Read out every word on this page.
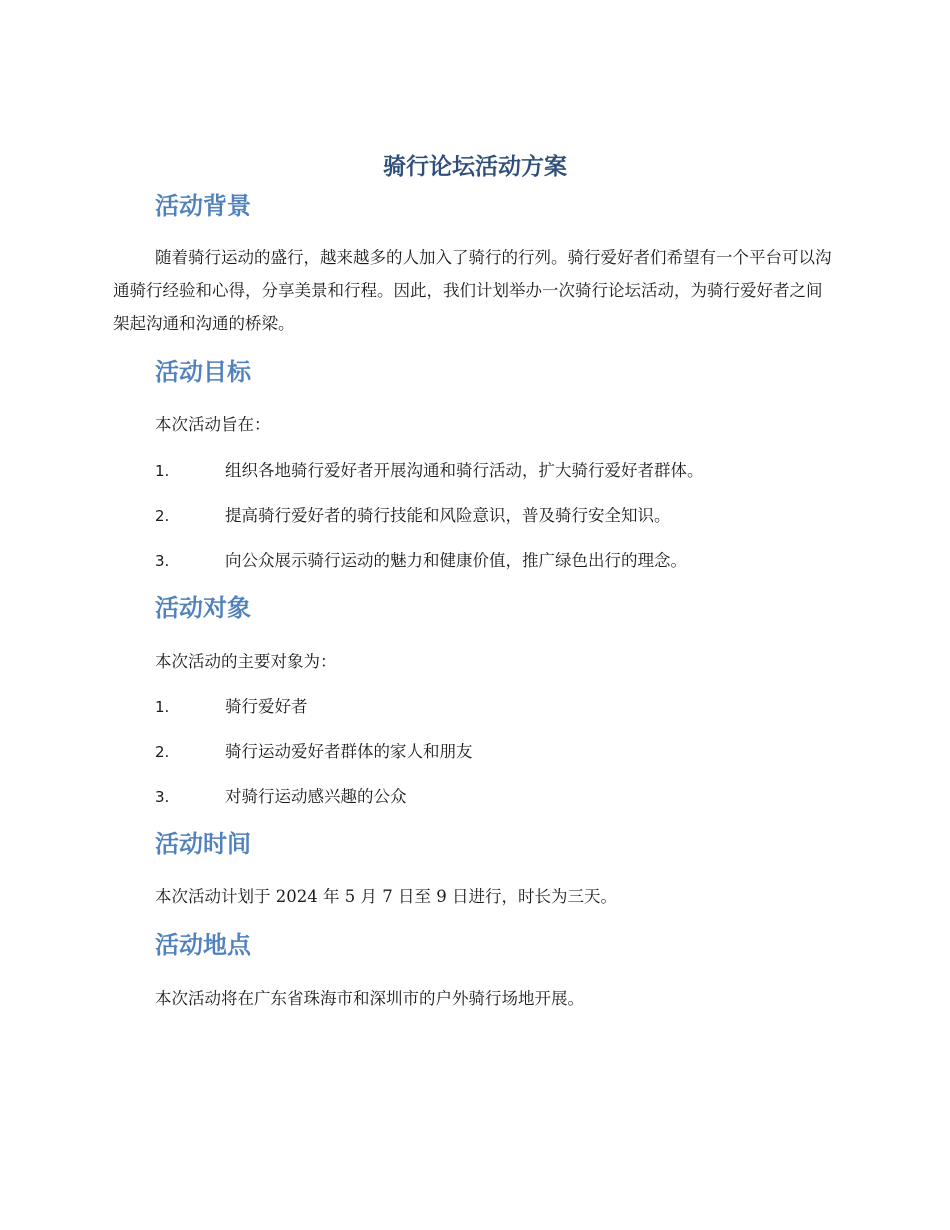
骑行论坛活动方案
活动背景

随着骑行运动的盛行，越来越多的人加入了骑行的行列。骑行爱好者们希望有一个平台可以沟通骑行经验和心得，分享美景和行程。因此，我们计划举办一次骑行论坛活动，为骑行爱好者之间架起沟通和沟通的桥梁。

活动目标

本次活动旨在：

1.	组织各地骑行爱好者开展沟通和骑行活动，扩大骑行爱好者群体。
2.	提高骑行爱好者的骑行技能和风险意识，普及骑行安全知识。
3.	向公众展示骑行运动的魅力和健康价值，推广绿色出行的理念。
活动对象

本次活动的主要对象为：

1.	骑行爱好者
2.	骑行运动爱好者群体的家人和朋友
3.	对骑行运动感兴趣的公众
活动时间

本次活动计划于 2024 年 5 月 7 日至 9 日进行，时长为三天。

活动地点

本次活动将在广东省珠海市和深圳市的户外骑行场地开展。
